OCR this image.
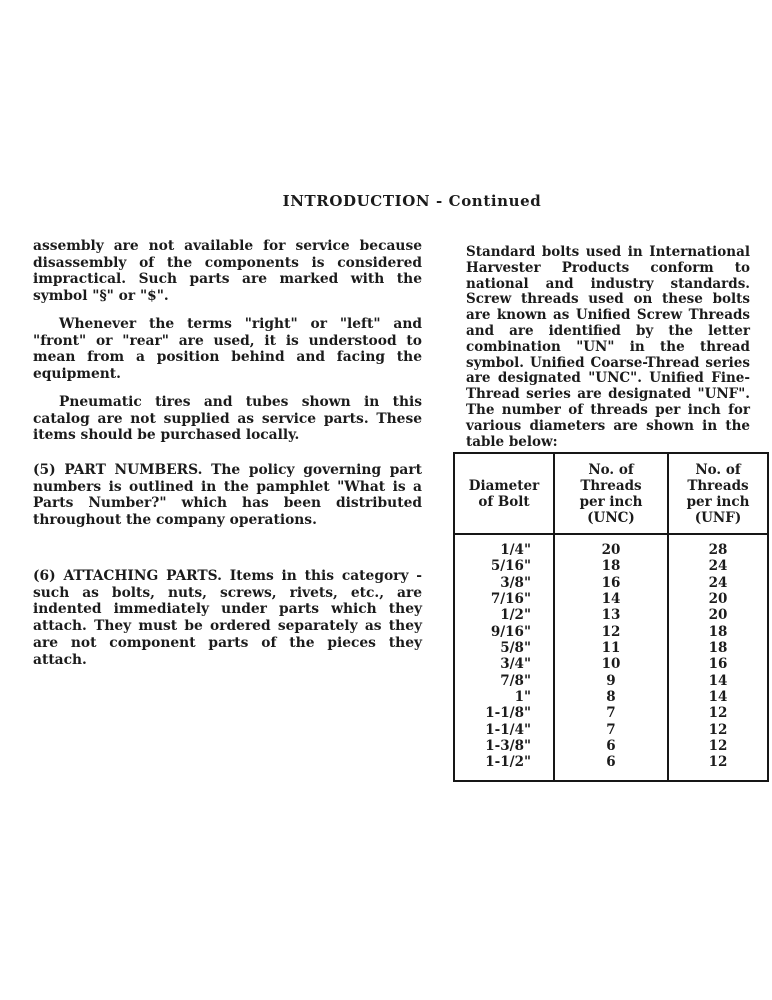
INTRODUCTION - Continued

assembly are not available for service because disassembly of the components is considered impractical. Such parts are marked with the symbol "§" or "$".

Whenever the terms "right" or "left" and "front" or "rear" are used, it is understood to mean from a position behind and facing the equipment.

Pneumatic tires and tubes shown in this catalog are not supplied as service parts. These items should be purchased locally.

(5) PART NUMBERS. The policy governing part numbers is outlined in the pamphlet "What is a Parts Number?" which has been distributed throughout the company operations.

(6) ATTACHING PARTS. Items in this category - such as bolts, nuts, screws, rivets, etc., are indented immediately under parts which they attach. They must be ordered separately as they are not component parts of the pieces they attach.

Standard bolts used in International Harvester Products conform to national and industry standards. Screw threads used on these bolts are known as Unified Screw Threads and are identified by the letter combination "UN" in the thread symbol. Unified Coarse-Thread series are designated "UNC". Unified Fine-Thread series are designated "UNF". The number of threads per inch for various diameters are shown in the table below:

Diameter
of Bolt	No. of
Threads
per inch
(UNC)	No. of
Threads
per inch
(UNF)

1/4"	20	28
5/16"	18	24
3/8"	16	24
7/16"	14	20
1/2"	13	20
9/16"	12	18
5/8"	11	18
3/4"	10	16
7/8"	9	14
1"	8	14
1-1/8"	7	12
1-1/4"	7	12
1-3/8"	6	12
1-1/2"	6	12
